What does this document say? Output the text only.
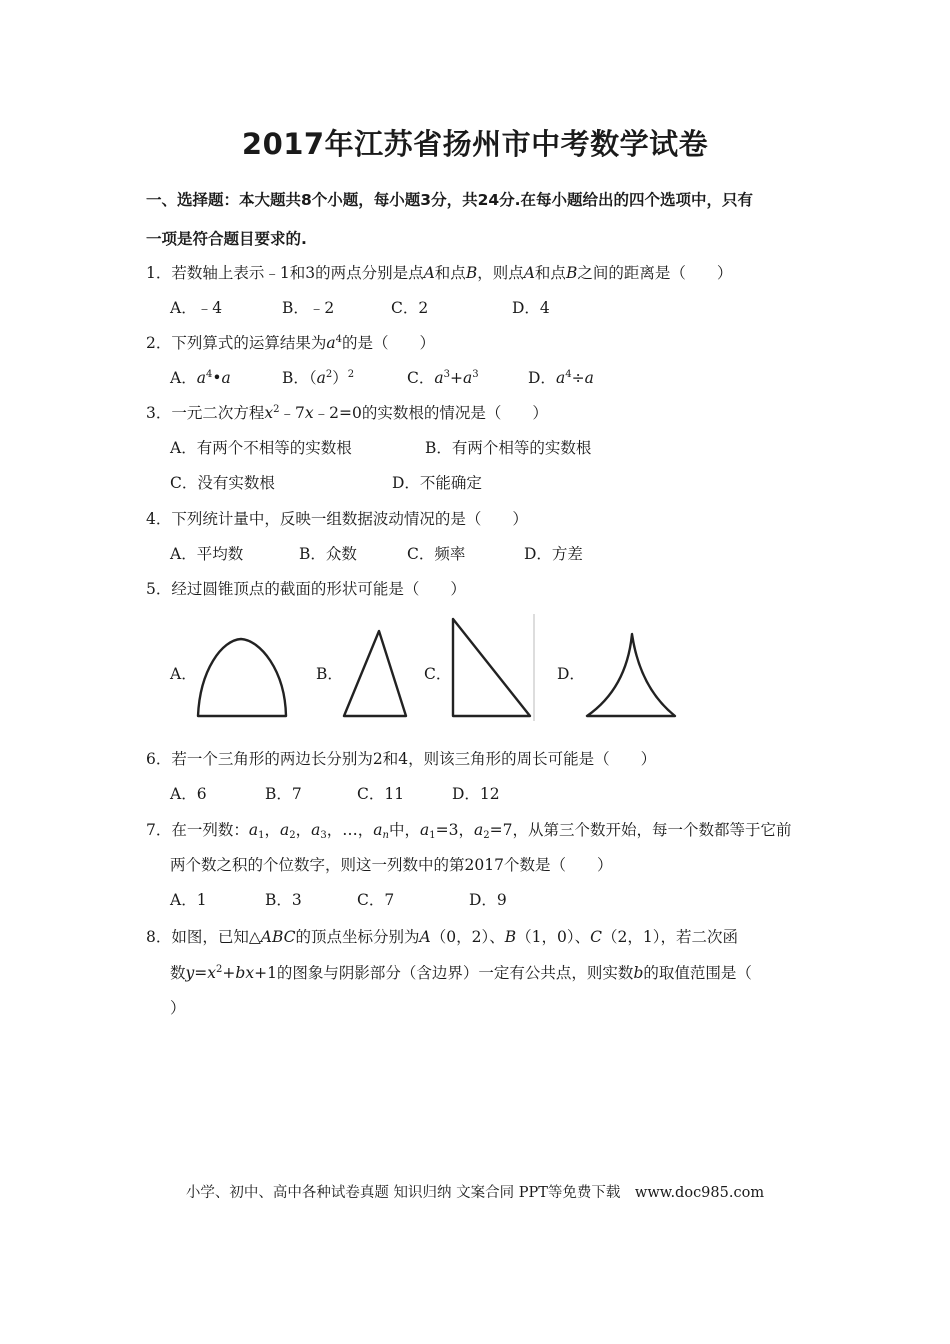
2017年江苏省扬州市中考数学试卷
一、选择题：本大题共8个小题，每小题3分，共24分.在每小题给出的四个选项中，只有
一项是符合题目要求的.
1．若数轴上表示﹣1和3的两点分别是点A和点B，则点A和点B之间的距离是（　　）
A．﹣4	B．﹣2	C．2	D．4
2．下列算式的运算结果为$a^4$的是（　　）
A．$a^4•a$	B．$(a^2)^2$	C．$a^3+a^3$	D．$a^4\div a$
3．一元二次方程$x^2﹣7x﹣2=0$的实数根的情况是（　　）
A．有两个不相等的实数根	B．有两个相等的实数根
C．没有实数根	D．不能确定
4．下列统计量中，反映一组数据波动情况的是（　　）
A．平均数	B．众数	C．频率	D．方差
5．经过圆锥顶点的截面的形状可能是（　　）
A．	B．	C．	D．
6．若一个三角形的两边长分别为2和4，则该三角形的周长可能是（　　）
A．6	B．7	C．11	D．12
7．在一列数：$a_1$，$a_2$，$a_3$，…，$a_n$中，$a_1=3$，$a_2=7$，从第三个数开始，每一个数都等于它前
两个数之积的个位数字，则这一列数中的第2017个数是（　　）
A．1	B．3	C．7	D．9
8．如图，已知△ABC的顶点坐标分别为A（0，2）、B（1，0）、C（2，1），若二次函
数$y=x^2+bx+1$的图象与阴影部分（含边界）一定有公共点，则实数b的取值范围是（
）
小学、初中、高中各种试卷真题 知识归纳 文案合同 PPT等免费下载　www.doc985.com
